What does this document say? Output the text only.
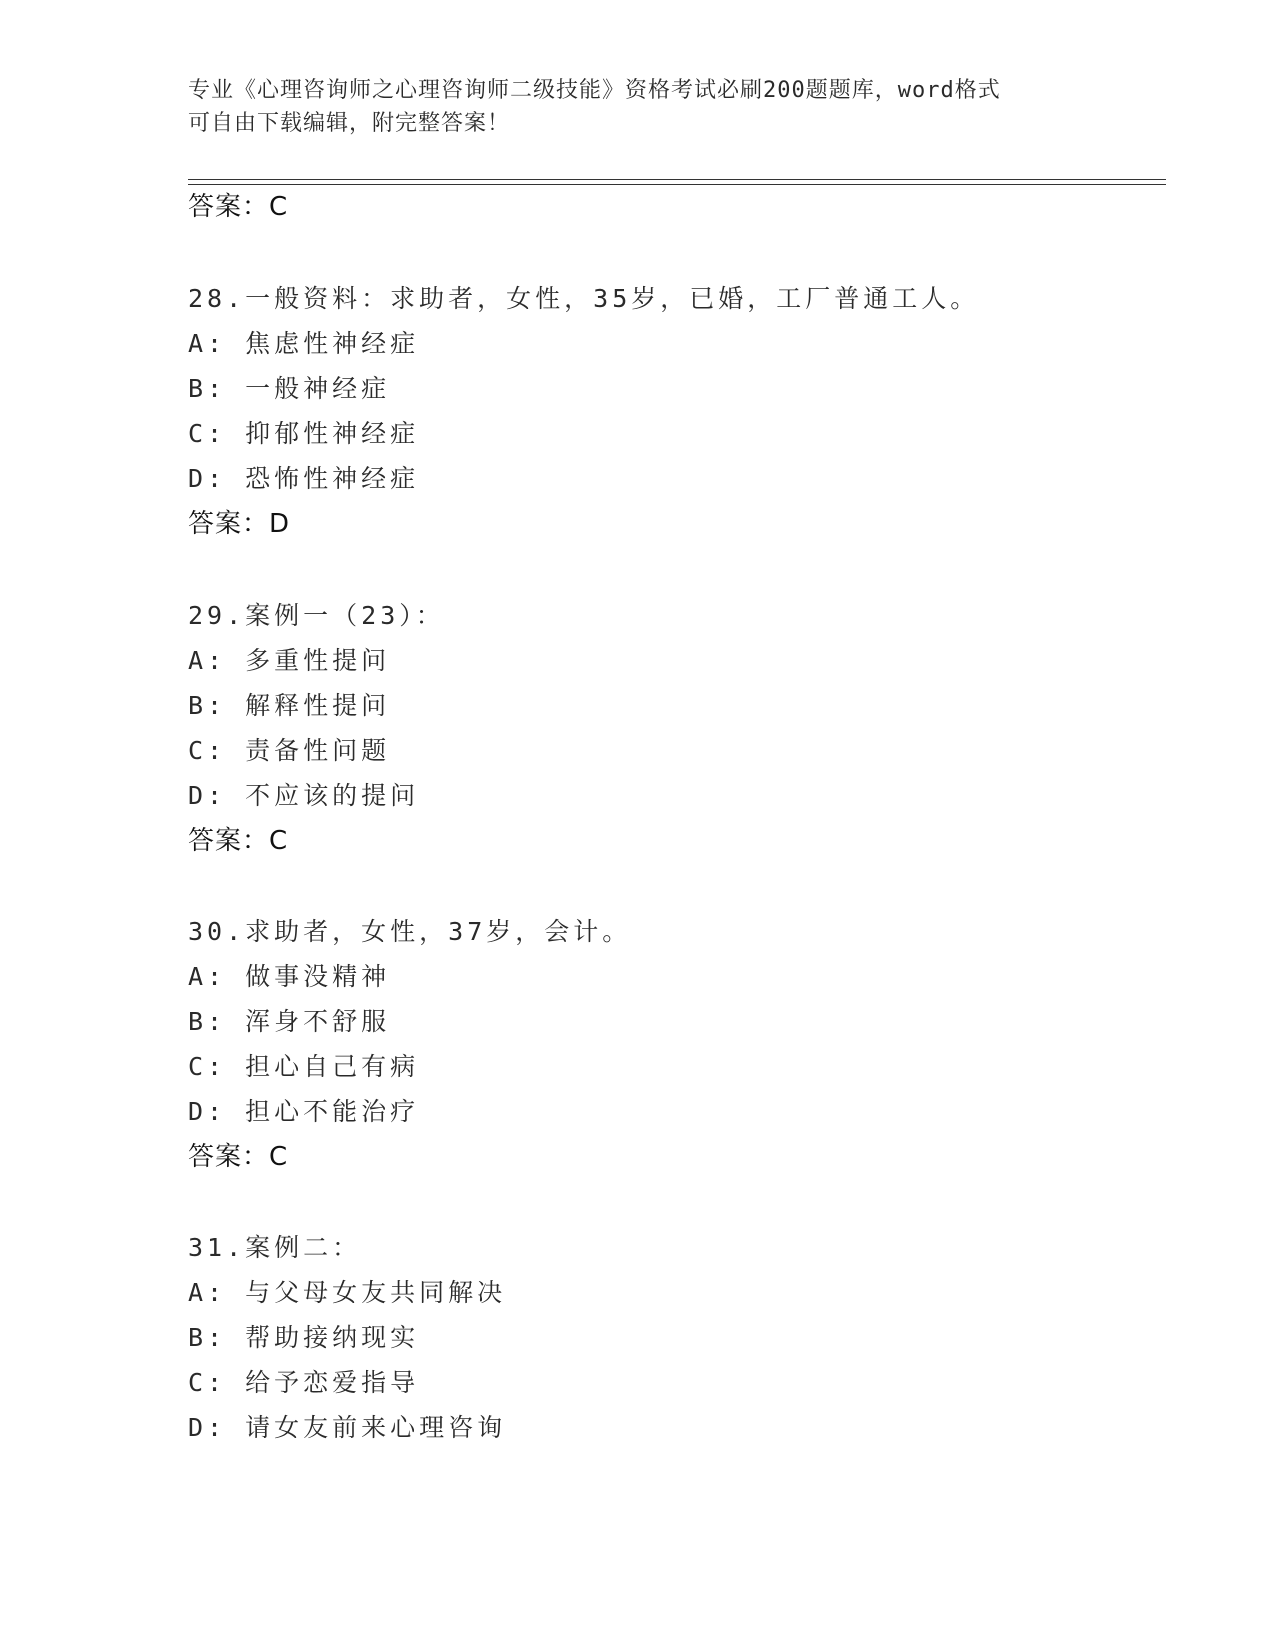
专业《心理咨询师之心理咨询师二级技能》资格考试必刷200题题库，word格式
可自由下载编辑，附完整答案！
答案：C
28.一般资料：求助者，女性，35岁，已婚，工厂普通工人。
A: 焦虑性神经症
B: 一般神经症
C: 抑郁性神经症
D: 恐怖性神经症
答案：D
29.案例一（23）：
A: 多重性提问
B: 解释性提问
C: 责备性问题
D: 不应该的提问
答案：C
30.求助者，女性，37岁，会计。
A: 做事没精神
B: 浑身不舒服
C: 担心自己有病
D: 担心不能治疗
答案：C
31.案例二：
A: 与父母女友共同解决
B: 帮助接纳现实
C: 给予恋爱指导
D: 请女友前来心理咨询
